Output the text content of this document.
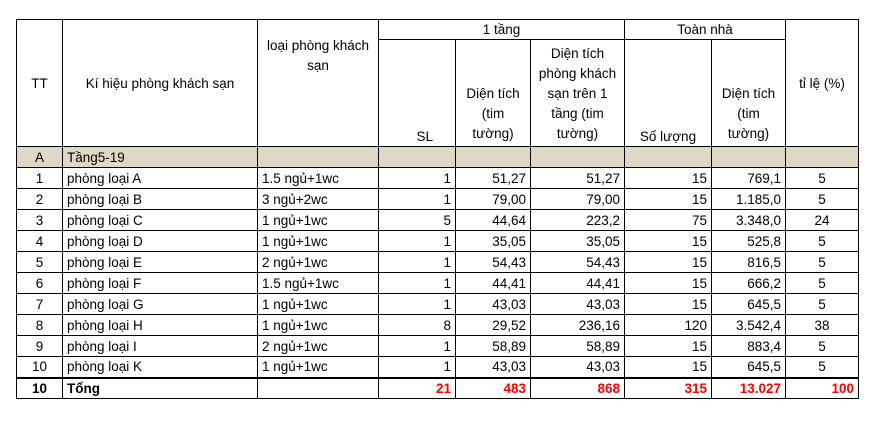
TT	Kí hiệu phòng khách sạn	loại phòng khách sạn	1 tầng			Toàn nhà		tỉ lệ (%)
			SL	Diện tích (tim tường)	Diện tích phòng khách sạn trên 1 tầng (tim tường)	Số lượng	Diện tích (tim tường)	
A	Tầng5-19							
1	phòng loại A	1.5 ngủ+1wc	1	51,27	51,27	15	769,1	5
2	phòng loại B	3 ngủ+2wc	1	79,00	79,00	15	1.185,0	5
3	phòng loại C	1 ngủ+1wc	5	44,64	223,2	75	3.348,0	24
4	phòng loại D	1 ngủ+1wc	1	35,05	35,05	15	525,8	5
5	phòng loại E	2 ngủ+1wc	1	54,43	54,43	15	816,5	5
6	phòng loại F	1.5 ngủ+1wc	1	44,41	44,41	15	666,2	5
7	phòng loại G	1 ngủ+1wc	1	43,03	43,03	15	645,5	5
8	phòng loại H	1 ngủ+1wc	8	29,52	236,16	120	3.542,4	38
9	phòng loại I	2 ngủ+1wc	1	58,89	58,89	15	883,4	5
10	phòng loại K	1 ngủ+1wc	1	43,03	43,03	15	645,5	5
10	Tổng		21	483	868	315	13.027	100
